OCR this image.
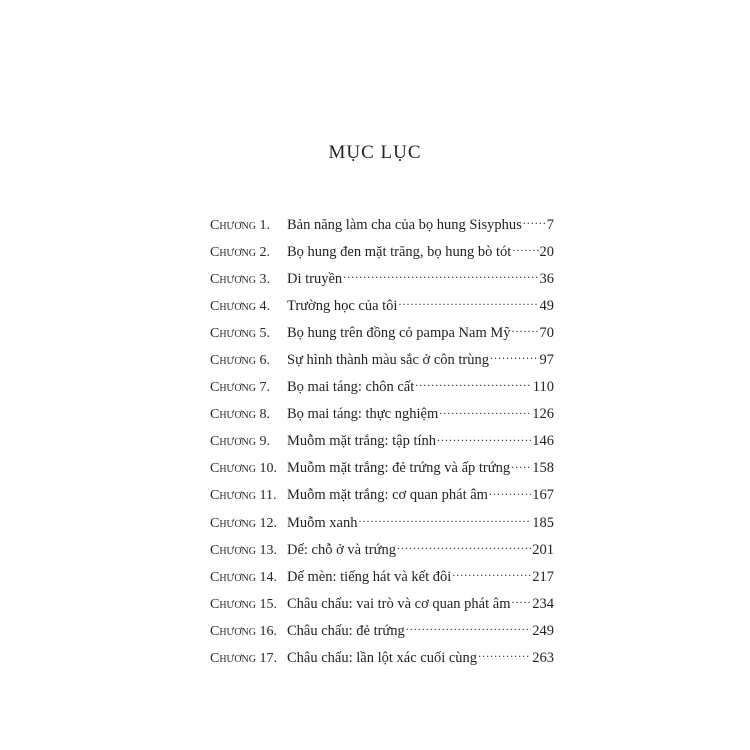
MỤC LỤC
Chương 1.	Bản năng làm cha của bọ hung Sisyphus ..... 7
Chương 2.	Bọ hung đen mặt trăng, bọ hung bò tót ..... 20
Chương 3.	Di truyền .....	36
Chương 4.	Trường học của tôi .....	49
Chương 5.	Bọ hung trên đồng cỏ pampa Nam Mỹ ..... 70
Chương 6.	Sự hình thành màu sắc ở côn trùng .....	97
Chương 7.	Bọ mai táng: chôn cất .....	110
Chương 8.	Bọ mai táng: thực nghiệm .....	126
Chương 9.	Muỗm mặt trắng: tập tính .....	146
Chương 10. Muỗm mặt trắng: đẻ trứng và ấp trứng ..... 158
Chương 11. Muỗm mặt trắng: cơ quan phát âm .....	167
Chương 12. Muỗm xanh .....	185
Chương 13. Dế: chỗ ở và trứng .....	201
Chương 14. Dế mèn: tiếng hát và kết đôi .....	217
Chương 15. Châu chấu: vai trò và cơ quan phát âm ..... 234
Chương 16. Châu chấu: đẻ trứng .....	249
Chương 17. Châu chấu: lần lột xác cuối cùng .....	263
